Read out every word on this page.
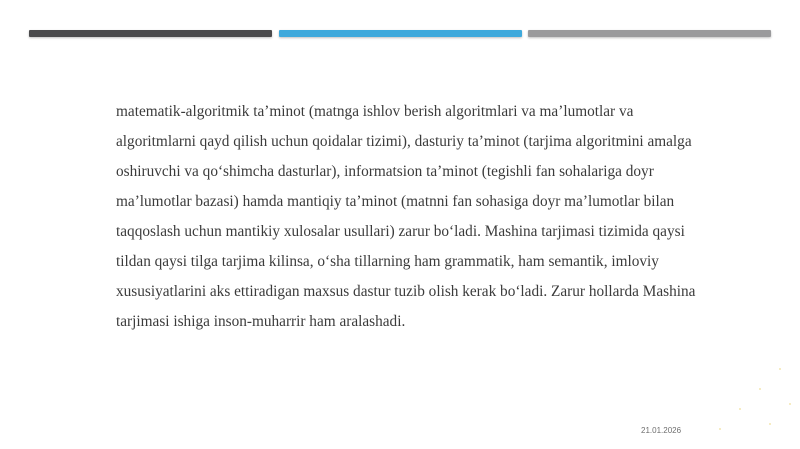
matematik-algoritmik ta’minot (matnga ishlov berish algoritmlari va ma’lumotlar va algoritmlarni qayd qilish uchun qoidalar tizimi), dasturiy ta’minot (tarjima algoritmini amalga oshiruvchi va qo‘shimcha dasturlar), informatsion ta’minot (tegishli fan sohalariga doyr ma’lumotlar bazasi) hamda mantiqiy ta’minot (matnni fan sohasiga doyr ma’lumotlar bilan taqqoslash uchun mantikiy xulosalar usullari) zarur bo‘ladi. Mashina tarjimasi tizimida qaysi tildan qaysi tilga tarjima kilinsa, o‘sha tillarning ham grammatik, ham semantik, imloviy xususiyatlarini aks ettiradigan maxsus dastur tuzib olish kerak bo‘ladi. Zarur hollarda Mashina tarjimasi ishiga inson-muharrir ham aralashadi.

21.01.2026
